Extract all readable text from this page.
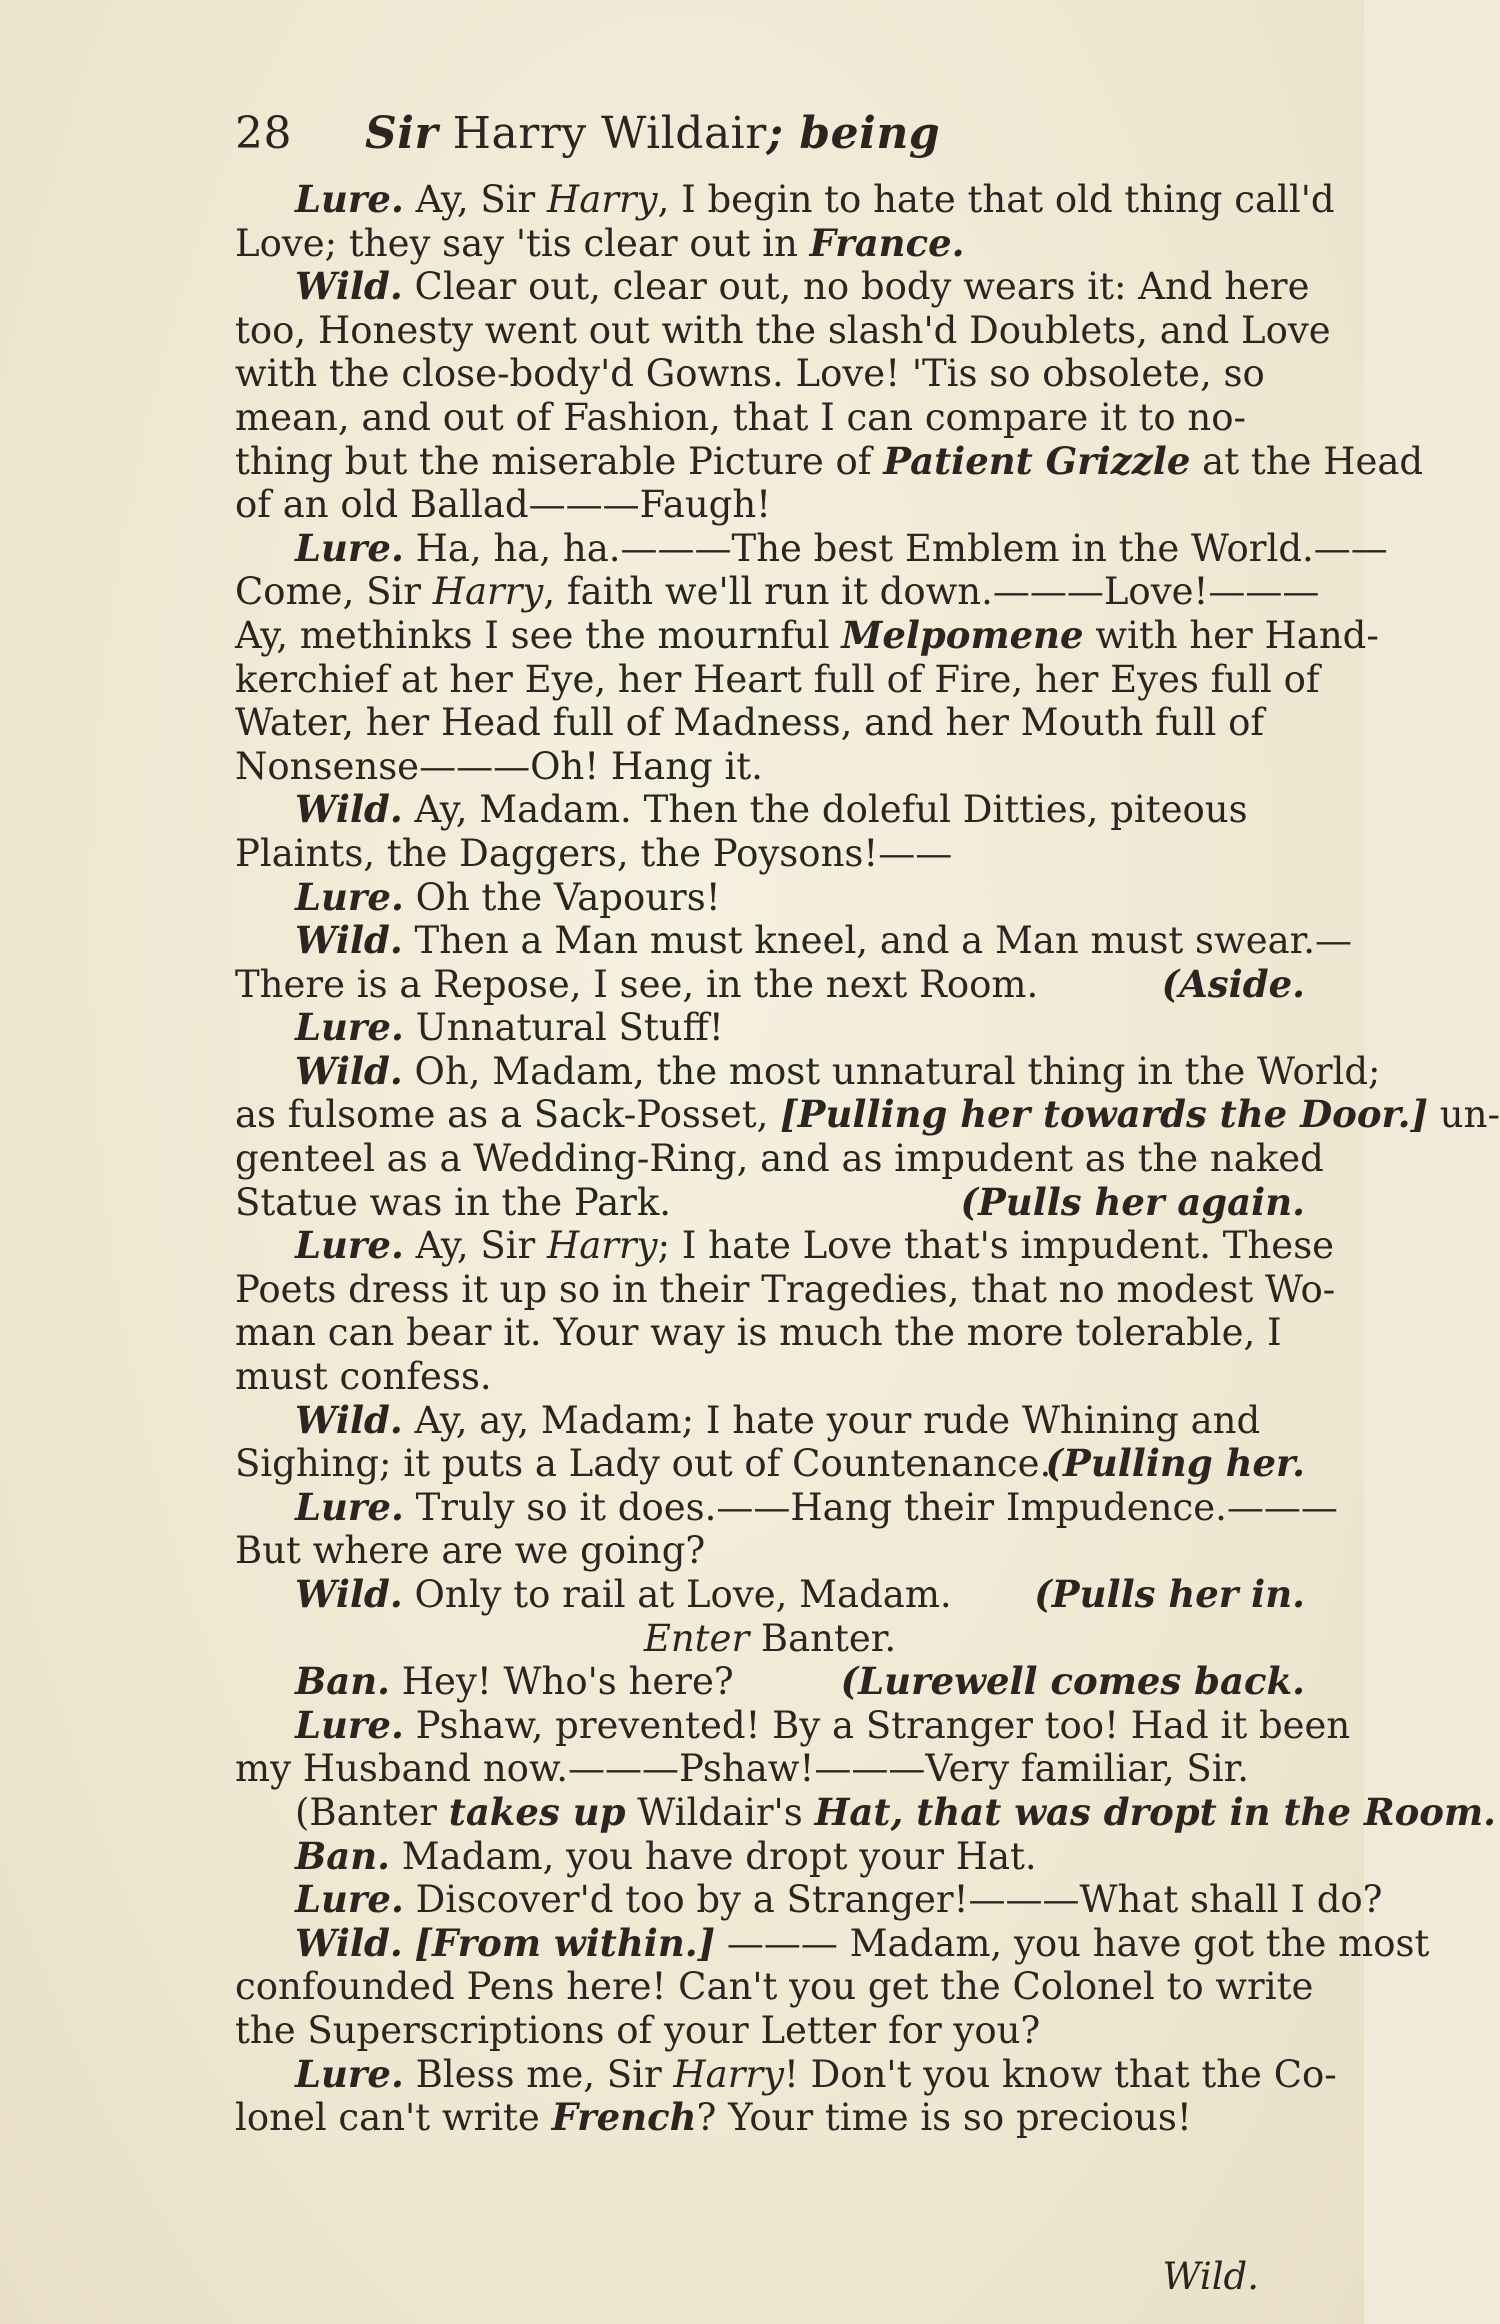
28	Sir
Harry Wildair ; being
Lure. Ay, Sir Harry, I begin to hate that old thing call'd
Love; they say 'tis clear out in France.
Wild. Clear out, clear out, no body wears it: And here
too, Honesty went out with the slash'd Doublets, and Love
with the close-body'd Gowns. Love! 'Tis so obsolete, so
mean, and out of Fashion, that I can compare it to no-
thing but the miserable Picture of Patient Grizzle at the Head
of an old Ballad———Faugh!
Lure. Ha, ha, ha.———The best Emblem in the World.——
Come, Sir Harry, faith we'll run it down.———Love!———
Ay, methinks I see the mournful Melpomene with her Hand-
kerchief at her Eye, her Heart full of Fire, her Eyes full of
Water, her Head full of Madness, and her Mouth full of
Nonsense———Oh! Hang it.
Wild. Ay, Madam. Then the doleful Ditties, piteous
Plaints, the Daggers, the Poysons!——
Lure. Oh the Vapours!
Wild. Then a Man must kneel, and a Man must swear.—
There is a Repose, I see, in the next Room.	(Aside.
Lure. Unnatural Stuff!
Wild. Oh, Madam, the most unnatural thing in the World;
as fulsome as a Sack-Posset, [Pulling her towards the Door.] un-
genteel as a Wedding-Ring, and as impudent as the naked
Statue was in the Park.	(Pulls her again.
Lure. Ay, Sir Harry; I hate Love that's impudent. These
Poets dress it up so in their Tragedies, that no modest Wo-
man can bear it. Your way is much the more tolerable, I
must confess.
Wild. Ay, ay, Madam; I hate your rude Whining and
Sighing; it puts a Lady out of Countenance.
(Pulling her.
Lure. Truly so it does.——Hang their Impudence.———
But where are we going?
Wild. Only to rail at Love, Madam. (Pulls her in.
Enter Banter.
Ban. Hey! Who's here?	(Lurewell comes back.
Lure. Pshaw, prevented! By a Stranger too! Had it been
my Husband now.———Pshaw!———Very familiar, Sir.
(Banter takes up Wildair's Hat, that was dropt in the Room.
Ban. Madam, you have dropt your Hat.
Lure. Discover'd too by a Stranger!———What shall I do?
Wild. [From within.] ——— Madam, you have got the most
confounded Pens here! Can't you get the Colonel to write
the Superscriptions of your Letter for you?
Lure. Bless me, Sir Harry! Don't you know that the Co-
lonel can't write French? Your time is so precious!
Wild.
